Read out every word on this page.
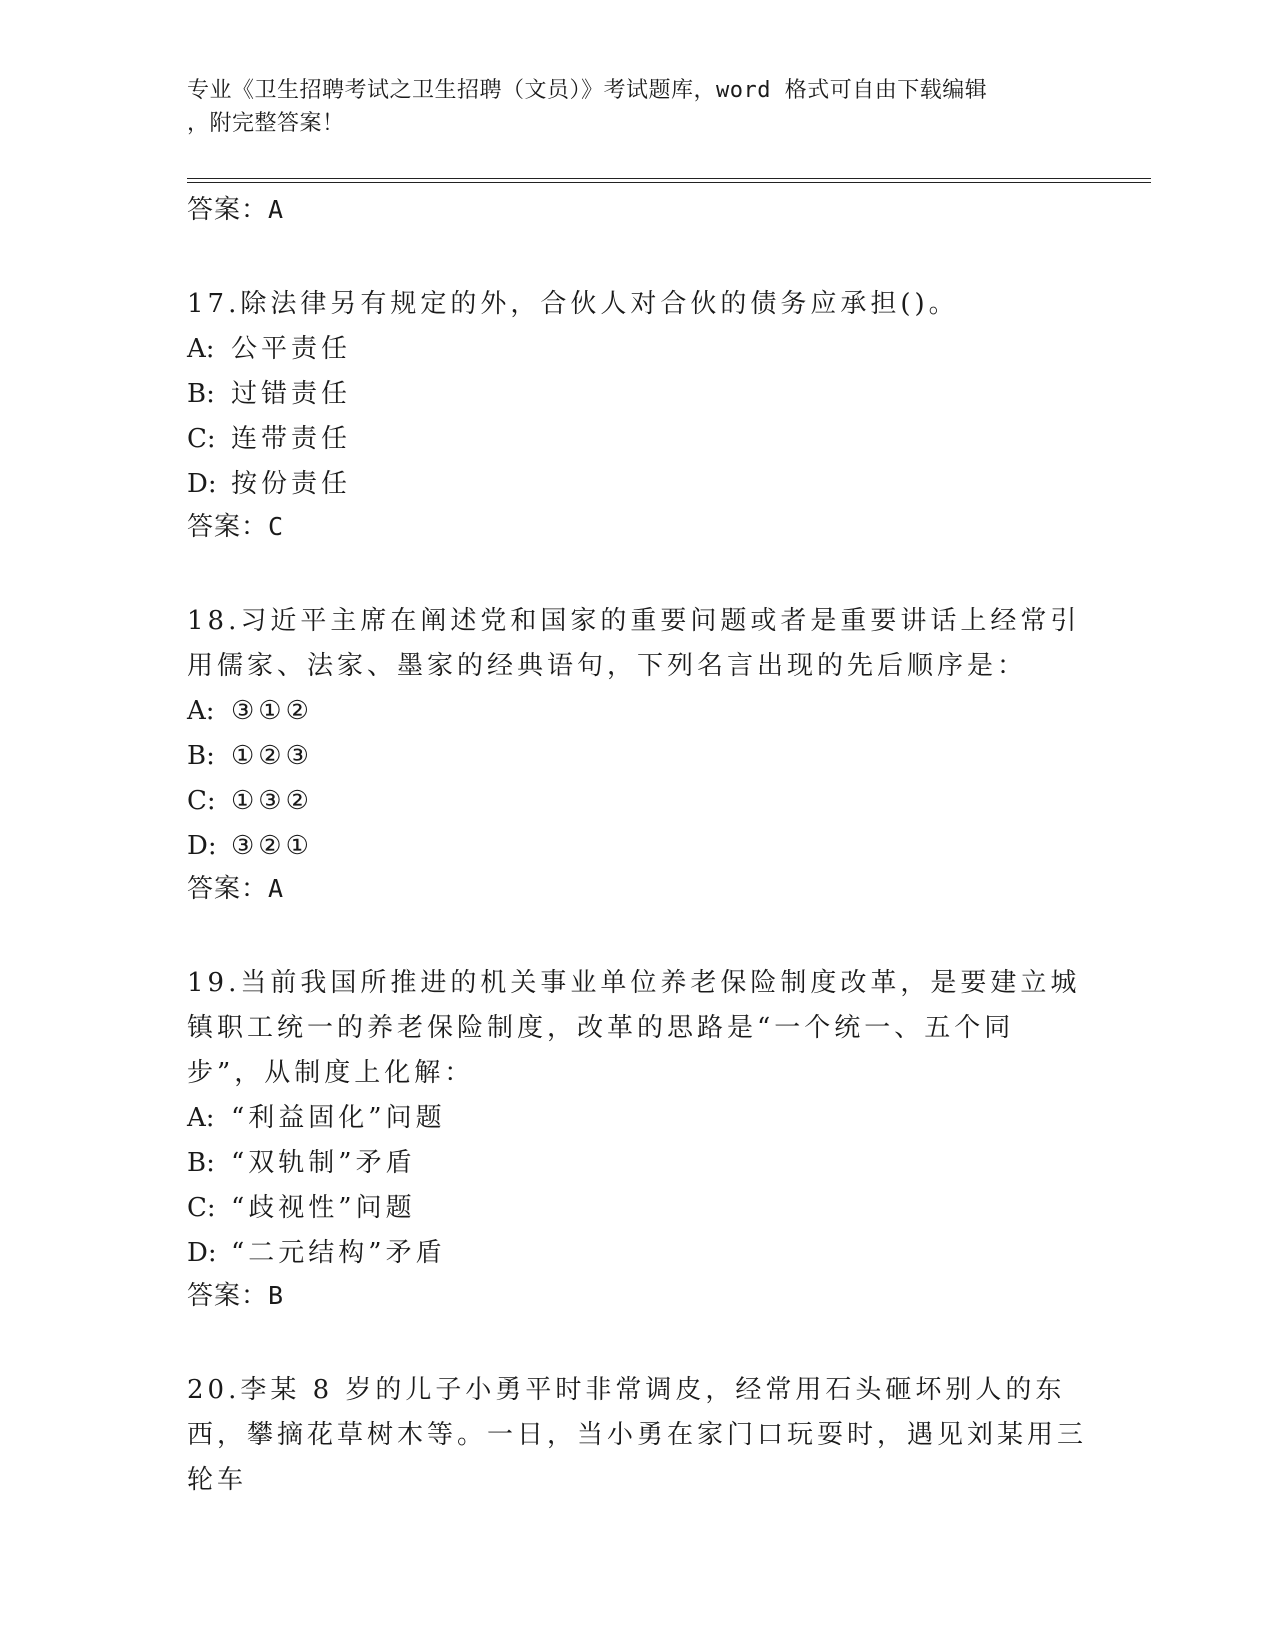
专业《卫生招聘考试之卫生招聘（文员）》考试题库，word 格式可自由下载编辑
，附完整答案！
答案：A
17.除法律另有规定的外，合伙人对合伙的债务应承担()。
A: 公平责任
B: 过错责任
C: 连带责任
D: 按份责任
答案：C
18.习近平主席在阐述党和国家的重要问题或者是重要讲话上经常引用儒家、法家、墨家的经典语句，下列名言出现的先后顺序是：
A: ③①②
B: ①②③
C: ①③②
D: ③②①
答案：A
19.当前我国所推进的机关事业单位养老保险制度改革，是要建立城镇职工统一的养老保险制度，改革的思路是“一个统一、五个同步”，从制度上化解：
A: “利益固化”问题
B: “双轨制”矛盾
C: “歧视性”问题
D: “二元结构”矛盾
答案：B
20.李某 8 岁的儿子小勇平时非常调皮，经常用石头砸坏别人的东西，攀摘花草树木等。一日，当小勇在家门口玩耍时，遇见刘某用三轮车
